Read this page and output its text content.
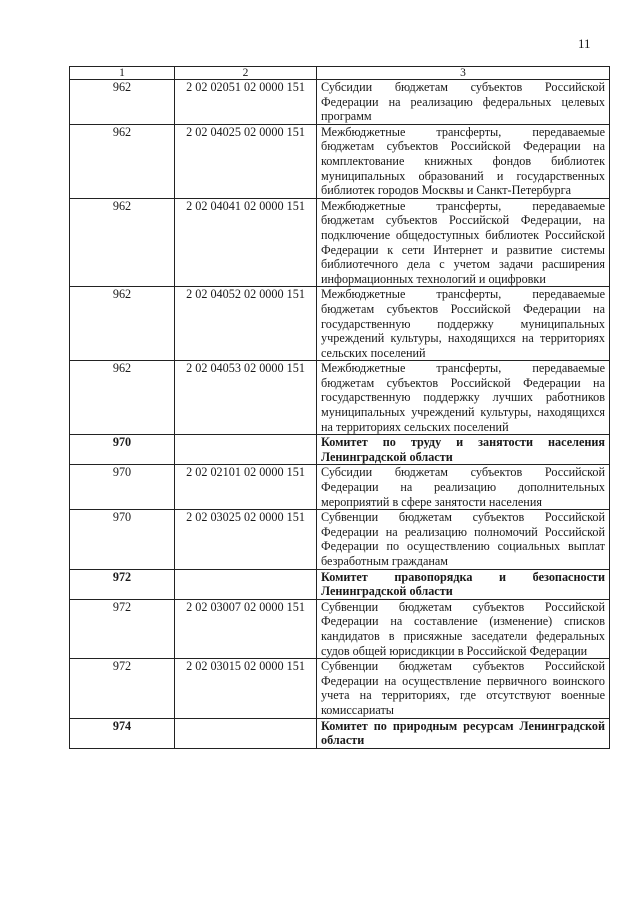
11
1	2	3
962	2 02 02051 02 0000 151	Субсидии бюджетам субъектов Российской Федерации на реализацию федеральных целевых программ
962	2 02 04025 02 0000 151	Межбюджетные трансферты, передаваемые бюджетам субъектов Российской Федерации на комплектование книжных фондов библиотек муниципальных образований и государственных библиотек городов Москвы и Санкт-Петербурга
962	2 02 04041 02 0000 151	Межбюджетные трансферты, передаваемые бюджетам субъектов Российской Федерации, на подключение общедоступных библиотек Российской Федерации к сети Интернет и развитие системы библиотечного дела с учетом задачи расширения информационных технологий и оцифровки
962	2 02 04052 02 0000 151	Межбюджетные трансферты, передаваемые бюджетам субъектов Российской Федерации на государственную поддержку муниципальных учреждений культуры, находящихся на территориях сельских поселений
962	2 02 04053 02 0000 151	Межбюджетные трансферты, передаваемые бюджетам субъектов Российской Федерации на государственную поддержку лучших работников муниципальных учреждений культуры, находящихся на территориях сельских поселений
970		Комитет по труду и занятости населения Ленинградской области
970	2 02 02101 02 0000 151	Субсидии бюджетам субъектов Российской Федерации на реализацию дополнительных мероприятий в сфере занятости населения
970	2 02 03025 02 0000 151	Субвенции бюджетам субъектов Российской Федерации на реализацию полномочий Российской Федерации по осуществлению социальных выплат безработным гражданам
972		Комитет правопорядка и безопасности Ленинградской области
972	2 02 03007 02 0000 151	Субвенции бюджетам субъектов Российской Федерации на составление (изменение) списков кандидатов в присяжные заседатели федеральных судов общей юрисдикции в Российской Федерации
972	2 02 03015 02 0000 151	Субвенции бюджетам субъектов Российской Федерации на осуществление первичного воинского учета на территориях, где отсутствуют военные комиссариаты
974		Комитет по природным ресурсам Ленинградской области
